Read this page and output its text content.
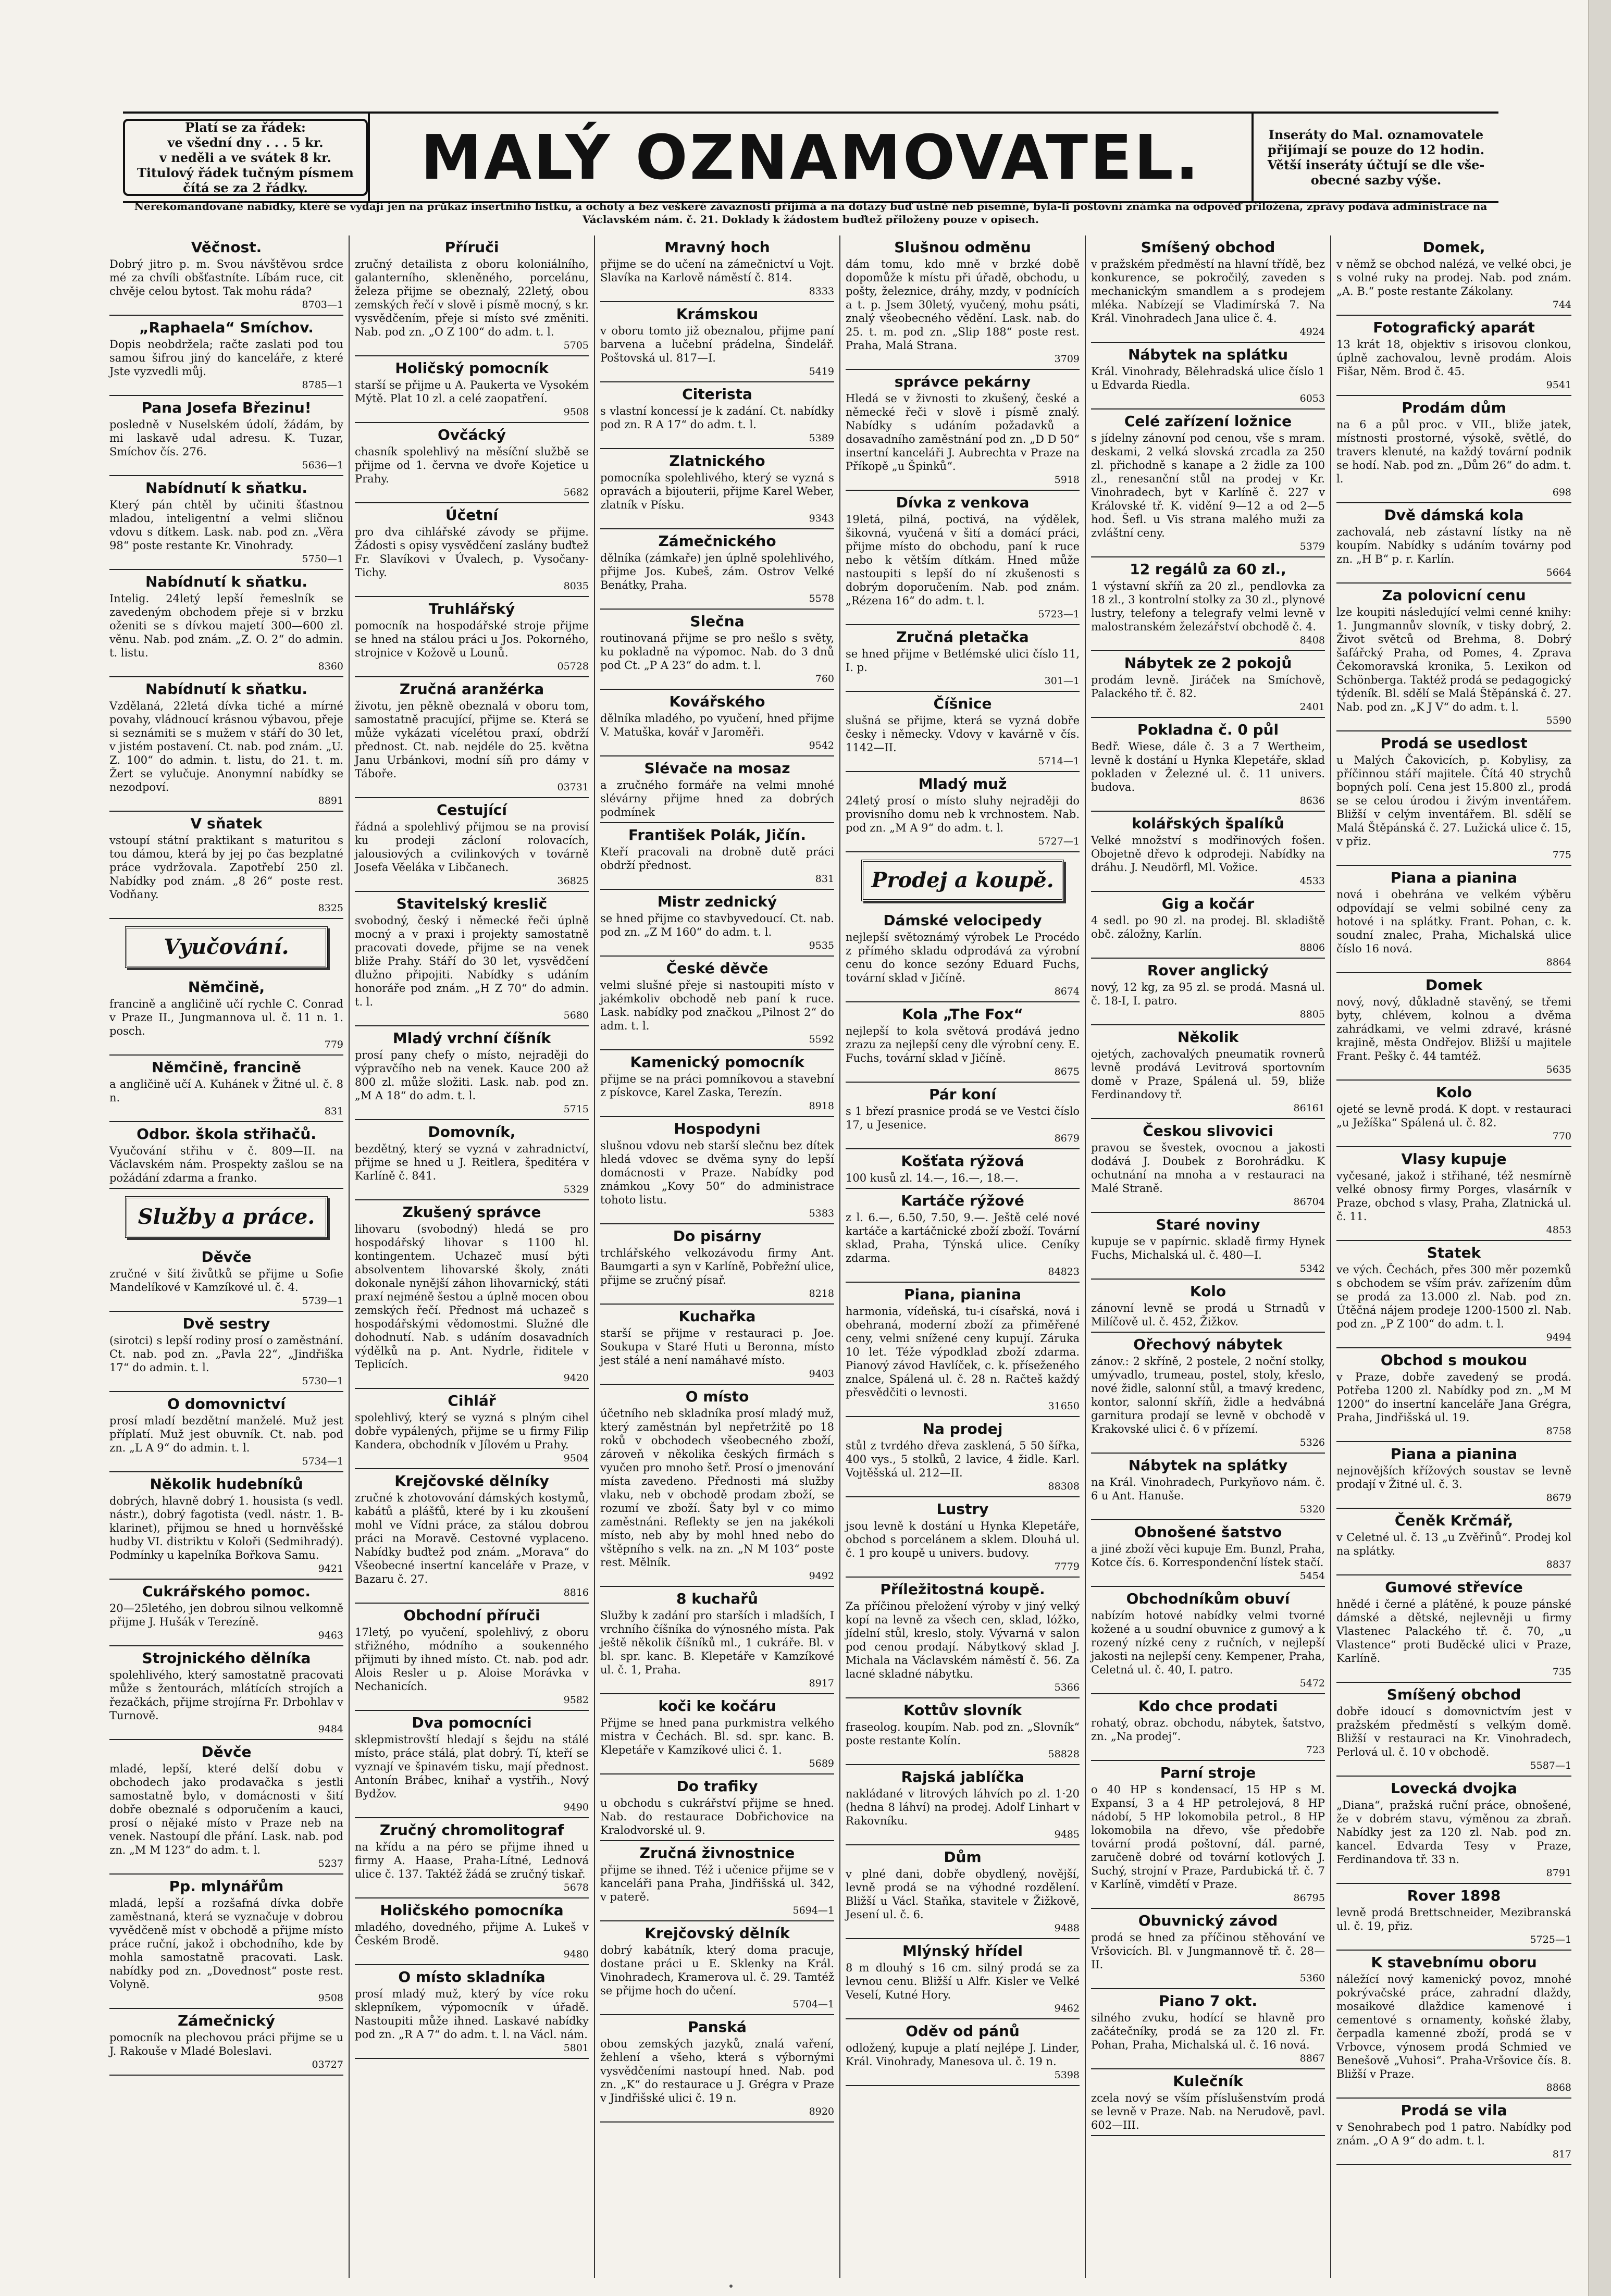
Platí se za řádek:
ve všední dny . . . 5 kr.
v neděli a ve svátek 8 kr.
Titulový řádek tučným písmem
čítá se za 2 řádky.	MALÝ OZNAMOVATEL.	Inseráty do Mal. oznamovatele
přijímají se pouze do 12 hodin.
Větší inseráty účtují se dle vše-
obecné sazby výše.
Nerekomandované nabídky, které se vydají jen na průkaz insertního lístku, a ochoty a bez veškeré závaznosti přijímá a na dotazy buď ústně neb písemně, byla-li poštovní známka na odpověď přiložena, zprávy podává administrace na Václavském nám. č. 21. Doklady k žádostem buďtež přiloženy pouze v opisech.
Věčnost.

Dobrý jitro p. m. Svou návštěvou srdce mé za chvíli obšťastníte. Líbám ruce, cit chvěje celou bytost. Tak mohu ráda?

8703—1
„Raphaela“ Smíchov.

Dopis neobdržela; račte zaslati pod tou samou šifrou jiný do kanceláře, z které Jste vyzvedli můj.

8785—1
Pana Josefa Březinu!

posledně v Nuselském údolí, žádám, by mi laskavě udal adresu. K. Tuzar, Smíchov čís. 276.

5636—1
Nabídnutí k sňatku.

Který pán chtěl by učiniti šťastnou mladou, inteligentní a velmi sličnou vdovu s dítkem. Lask. nab. pod zn. „Věra 98“ poste restante Kr. Vinohrady.

5750—1
Nabídnutí k sňatku.

Intelig. 24letý lepší řemeslník se zavedeným obchodem přeje si v brzku oženiti se s dívkou majetí 300—600 zl. věnu. Nab. pod znám. „Z. O. 2“ do admin. t. listu.

8360
Nabídnutí k sňatku.

Vzdělaná, 22letá dívka tiché a mírné povahy, vládnoucí krásnou výbavou, přeje si seznámiti se s mužem v stáří do 30 let, v jistém postavení. Ct. nab. pod znám. „U. Z. 100“ do admin. t. listu, do 21. t. m. Žert se vylučuje. Anonymní nabídky se nezodpoví.

8891
V sňatek

vstoupí státní praktikant s maturitou s tou dámou, která by jej po čas bezplatné práce vydržovala. Zapotřebí 250 zl. Nabídky pod znám. „8 26“ poste rest. Vodňany.

8325
Vyučování.
Němčině,

francině a angličině učí rychle C. Conrad v Praze II., Jungmannova ul. č. 11 n. 1. posch.

779
Němčině, francině

a angličině učí A. Kuhánek v Žitné ul. č. 8 n.

831
Odbor. škola střihačů.

Vyučování střihu v č. 809—II. na Václavském nám. Prospekty zašlou se na požádání zdarma a franko.

Služby a práce.
Děvče

zručné v šití živůtků se přijme u Sofie Mandelíkové v Kamzíkové ul. č. 4.

5739—1
Dvě sestry

(sirotci) s lepší rodiny prosí o zaměstnání. Ct. nab. pod zn. „Pavla 22“, „Jindřiška 17“ do admin. t. l.

5730—1
O domovnictví

prosí mladí bezdětní manželé. Muž jest příplatí. Muž jest obuvník. Ct. nab. pod zn. „L A 9“ do admin. t. l.

5734—1
Několik hudebníků

dobrých, hlavně dobrý 1. housista (s vedl. nástr.), dobrý fagotista (vedl. nástr. 1. B-klarinet), přijmou se hned u hornvěšské hudby VI. distriktu v Koloři (Sedmihradý). Podmínky u kapelníka Bořkova Samu.

9421
Cukrářského pomoc.

20—25letého, jen dobrou silnou velkomně přijme J. Hušák v Terezíně.

9463
Strojnického dělníka

spolehlivého, který samostatně pracovati může s žentourách, mlátících strojích a řezačkách, přijme strojírna Fr. Drbohlav v Turnově.

9484
Děvče

mladé, lepší, které delší dobu v obchodech jako prodavačka s jestli samostatně bylo, v domácnosti v šití dobře obeznalé s odporučením a kauci, prosí o nějaké místo v Praze neb na venek. Nastoupí dle přání. Lask. nab. pod zn. „M M 123“ do adm. t. l.

5237
Pp. mlynářům

mladá, lepší a rozšafná dívka dobře zaměstnaná, která se vyznačuje v dobrou vyvědčeně míst v obchodě a přijme místo práce ruční, jakož i obchodního, kde by mohla samostatně pracovati. Lask. nabídky pod zn. „Dovednost“ poste rest. Volyně.

9508
Zámečnický

pomocník na plechovou práci přijme se u J. Rakouše v Mladé Boleslavi.

03727
Příruči

zručný detailista z oboru koloniálního, galanterního, skleněného, porcelánu, železa přijme se obeznalý, 22letý, obou zemských řečí v slově i písmě mocný, s kr. vysvědčením, přeje si místo své změniti. Nab. pod zn. „O Z 100“ do adm. t. l.

5705
Holičský pomocník

starší se přijme u A. Paukerta ve Vysokém Mýtě. Plat 10 zl. a celé zaopatření.

9508
Ovčácký

chasník spolehlivý na měsíční službě se přijme od 1. června ve dvoře Kojetice u Prahy.

5682
Účetní

pro dva cihlářské závody se přijme. Žádosti s opisy vysvědčení zaslány buďtež Fr. Slavíkovi v Úvalech, p. Vysočany-Tichy.

8035
Truhlářský

pomocník na hospodářské stroje přijme se hned na stálou práci u Jos. Pokorného, strojnice v Kožově u Lounů.

05728
Zručná aranžérka

životu, jen pěkně obeznalá v oboru tom, samostatně pracující, přijme se. Která se může vykázati vícelétou praxí, obdrží přednost. Ct. nab. nejdéle do 25. května Janu Urbánkovi, modní síň pro dámy v Táboře.

03731
Cestující

řádná a spolehlivý přijmou se na provisí ku prodeji zácloní rolovacích, jalousiových a cvilinkových v továrně Josefa Věeláka v Libčanech.

36825
Stavitelský kreslič

svobodný, český i německé řeči úplně mocný a v praxi i projekty samostatně pracovati dovede, přijme se na venek bliže Prahy. Stáří do 30 let, vysvědčení dlužno připojiti. Nabídky s udáním honoráře pod znám. „H Z 70“ do admin. t. l.

5680
Mladý vrchní číšník

prosí pany chefy o místo, nejraději do výpravčího neb na venek. Kauce 200 až 800 zl. může složiti. Lask. nab. pod zn. „M A 18“ do adm. t. l.

5715
Domovník,

bezdětný, který se vyzná v zahradnictví, přijme se hned u J. Reitlera, špeditéra v Karlíně č. 841.

5329
Zkušený správce

lihovaru (svobodný) hledá se pro hospodářský lihovar s 1100 hl. kontingentem. Uchazeč musí býti absolventem lihovarské školy, znáti dokonale nynější záhon lihovarnický, státi praxí nejméně šestou a úplně mocen obou zemských řečí. Přednost má uchazeč s hospodářskými vědomostmi. Služné dle dohodnutí. Nab. s udáním dosavadních výdělků na p. Ant. Nydrle, řiditele v Teplicích.

9420
Cihlář

spolehlivý, který se vyzná s plným cihel dobře vypálených, přijme se u firmy Filip Kandera, obchodník v Jílovém u Prahy.

9504
Krejčovské dělníky

zručné k zhotovování dámských kostymů, kabátů a plášťů, které by i ku zkoušení mohl ve Vídni práce, za stálou dobrou práci na Moravě. Cestovné vyplaceno. Nabídky buďtež pod znám. „Morava“ do Všeobecné insertní kanceláře v Praze, v Bazaru č. 27.

8816
Obchodní příruči

17letý, po vyučení, spolehlivý, z oboru střižného, módního a soukenného přijmuti by ihned místo. Ct. nab. pod adr. Alois Resler u p. Aloise Morávka v Nechanicích.

9582
Dva pomocníci

sklepmistrovští hledají s šejdu na stálé místo, práce stálá, plat dobrý. Tí, kteří se vyznají ve špinavém tisku, mají přednost. Antonín Brábec, knihař a vystřih., Nový Bydžov.

9490
Zručný chromolitograf

na křídu a na péro se přijme ihned u firmy A. Haase, Praha-Lítné, Lednová ulice č. 137. Taktéž žádá se zručný tiskař.

5678
Holičského pomocníka

mladého, dovedného, přijme A. Lukeš v Českém Brodě.

9480
O místo skladníka

prosí mladý muž, který by více roku sklepníkem, výpomocník v úřadě. Nastoupiti může ihned. Laskavé nabídky pod zn. „R A 7“ do adm. t. l. na Václ. nám.

5801
Mravný hoch

přijme se do učení na zámečnictví u Vojt. Slavíka na Karlově náměstí č. 814.

8333
Krámskou

v oboru tomto již obeznalou, přijme paní barvena a lučební prádelna, Šindelář. Poštovská ul. 817—I.

5419
Citerista

s vlastní koncessí je k zadání. Ct. nabídky pod zn. R A 17“ do adm. t. l.

5389
Zlatnického

pomocníka spolehlivého, který se vyzná s opravách a bijouterii, přijme Karel Weber, zlatník v Písku.

9343
Zámečnického

dělníka (zámkaře) jen úplně spolehlivého, přijme Jos. Kubeš, zám. Ostrov Velké Benátky, Praha.

5578
Slečna

routinovaná přijme se pro nešlo s světy, ku pokladně na výpomoc. Nab. do 3 dnů pod Ct. „P A 23“ do adm. t. l.

760
Kovářského

dělníka mladého, po vyučení, hned přijme V. Matuška, kovář v Jaroměři.

9542
Slévače na mosaz

a zručného formáře na velmi mnohé slévárny přijme hned za dobrých podmínek

František Polák, Jičín.

Kteří pracovali na drobně dutě práci obdrží přednost.

831
Mistr zednický

se hned přijme co stavbyvedoucí. Ct. nab. pod zn. „Z M 160“ do adm. t. l.

9535
České děvče

velmi slušné přeje si nastoupiti místo v jakémkoliv obchodě neb paní k ruce. Lask. nabídky pod značkou „Pilnost 2“ do adm. t. l.

5592
Kamenický pomocník

přijme se na práci pomníkovou a stavební z pískovce, Karel Zaska, Terezín.

8918
Hospodyni

slušnou vdovu neb starší slečnu bez dítek hledá vdovec se dvěma syny do lepší domácnosti v Praze. Nabídky pod známkou „Kovy 50“ do administrace tohoto listu.

5383
Do pisárny

trchlářského velkozávodu firmy Ant. Baumgarti a syn v Karlíně, Pobřežní ulice, přijme se zručný písař.

8218
Kuchařka

starší se přijme v restauraci p. Joe. Soukupa v Staré Huti u Beronna, místo jest stálé a není namáhavé místo.

9403
O místo

účetního neb skladníka prosí mladý muž, který zaměstnán byl nepřetržitě po 18 roků v obchodech všeobecného zboží, zároveň v několika českých firmách s vyučen pro mnoho šetř. Prosí o jmenování místa zavedeno. Přednosti má služby vlaku, neb v obchodě prodam zboží, se rozumí ve zboží. Šaty byl v co mimo zaměstnáni. Reflekty se jen na jakékoli místo, neb aby by mohl hned nebo do vštěpního s velk. na zn. „N M 103“ poste rest. Mělník.

9492
8 kuchařů

Služby k zadání pro starších i mladších, I vrchního číšníka do výnosného místa. Pak ještě několik číšníků ml., 1 cukráře. Bl. v bl. spr. kanc. B. Klepetáře v Kamzíkové ul. č. 1, Praha.

8917
koči ke kočáru

Přijme se hned pana purkmistra velkého mistra v Čechách. Bl. sd. spr. kanc. B. Klepetáře v Kamzíkové ulici č. 1.

5689
Do trafiky

u obchodu s cukrářství přijme se hned. Nab. do restaurace Dobřichovice na Kralodvorské ul. 9.

Zručná živnostnice

přijme se ihned. Též i učenice přijme se v kanceláři pana Praha, Jindřišská ul. 342, v paterě.

5694—1
Krejčovský dělník

dobrý kabátník, který doma pracuje, dostane práci u E. Sklenky na Král. Vinohradech, Kramerova ul. č. 29. Tamtéž se přijme hoch do učení.

5704—1
Panská

obou zemských jazyků, znalá vaření, žehlení a všeho, která s výbornými vysvědčeními nastoupí hned. Nab. pod zn. „K“ do restaurace u J. Grégra v Praze v Jindřišské ulici č. 19 n.

8920
Slušnou odměnu

dám tomu, kdo mně v brzké době dopomůže k místu při úřadě, obchodu, u pošty, železnice, dráhy, mzdy, v podnících a t. p. Jsem 30letý, vyučený, mohu psáti, znalý všeobecného vědění. Lask. nab. do 25. t. m. pod zn. „Slip 188“ poste rest. Praha, Malá Strana.

3709
správce pekárny

Hledá se v živnosti to zkušený, české a německé řeči v slově i písmě znalý. Nabídky s udáním požadavků a dosavadního zaměstnání pod zn. „D D 50“ insertní kanceláři J. Aubrechta v Praze na Příkopě „u Špinků“.

5918
Dívka z venkova

19letá, pilná, poctivá, na výdělek, šikovná, vyučená v šití a domácí práci, přijme místo do obchodu, paní k ruce nebo k větším dítkám. Hned může nastoupiti s lepší do ní zkušenosti s dobrým doporučením. Nab. pod znám. „Rézena 16“ do adm. t. l.

5723—1
Zručná pletačka

se hned přijme v Betlémské ulici číslo 11, I. p.

301—1
Číšnice

slušná se přijme, která se vyzná dobře česky i německy. Vdovy v kavárně v čís. 1142—II.

5714—1
Mladý muž

24letý prosí o místo sluhy nejraději do provisního domu neb k vrchnostem. Nab. pod zn. „M A 9“ do adm. t. l.

5727—1
Prodej a koupě.
Dámské velocipedy

nejlepší světoznámý výrobek Le Procédo z přímého skladu odprodává za výrobní cenu do konce sezóny Eduard Fuchs, tovární sklad v Jičíně.

8674
Kola „The Fox“

nejlepší to kola světová prodává jedno zrazu za nejlepší ceny dle výrobní ceny. E. Fuchs, tovární sklad v Jičíně.

8675
Pár koní

s 1 březí prasnice prodá se ve Vestci číslo 17, u Jesenice.

8679
Košťata rýžová

100 kusů zl. 14.—, 16.—, 18.—.

Kartáče rýžové

z l. 6.—, 6.50, 7.50, 9.—. Ještě celé nové kartáče a kartáčnické zboží zboží. Tovární sklad, Praha, Týnská ulice. Ceníky zdarma.

84823
Piana, pianina

harmonia, vídeňská, tu-i císařská, nová i obehraná, moderní zboží za přiměřené ceny, velmi snížené ceny kupují. Záruka 10 let. Téže výpodklad zboží zdarma. Pianový závod Havlíček, c. k. příseženého znalce, Spálená ul. č. 28 n. Račteš každý přesvědčiti o levnosti.

31650
Na prodej

stůl z tvrdého dřeva zasklená, 5 50 šířka, 400 vys., 5 stolků, 2 lavice, 4 židle. Karl. Vojtěšská ul. 212—II.

88308
Lustry

jsou levně k dostání u Hynka Klepetáře, obchod s porcelánem a sklem. Dlouhá ul. č. 1 pro koupě u univers. budovy.

7779
Příležitostná koupě.

Za příčinou přeložení výroby v jiný velký kopí na levně za všech cen, sklad, lóžko, jídelní stůl, kreslo, stoly. Vývarná v salon pod cenou prodají. Nábytkový sklad J. Michala na Václavském náměstí č. 56. Za lacné skladné nábytku.

5366
Kottův slovník

fraseolog. koupím. Nab. pod zn. „Slovník“ poste restante Kolín.

58828
Rajská jablíčka

nakládané v litrových láhvích po zl. 1·20 (hedna 8 láhví) na prodej. Adolf Linhart v Rakovníku.

9485
Dům

v plné dani, dobře obydlený, novější, levně prodá se na výhodné rozdělení. Bližší u Václ. Staňka, stavitele v Žižkově, Jesení ul. č. 6.

9488
Mlýnský hřídel

8 m dlouhý s 16 cm. silný prodá se za levnou cenu. Bližší u Alfr. Kisler ve Velké Veselí, Kutné Hory.

9462
Oděv od pánů

odložený, kupuje a platí nejlépe J. Linder, Král. Vinohrady, Manesova ul. č. 19 n.

5398
Smíšený obchod

v pražském předměstí na hlavní třídě, bez konkurence, se pokročilý, zaveden s mechanickým smandlem a s prodejem mléka. Nabízejí se Vladimírská 7. Na Král. Vinohradech Jana ulice č. 4.

4924
Nábytek na splátku

Král. Vinohrady, Bělehradská ulice číslo 1 u Edvarda Riedla.

6053
Celé zařízení ložnice

s jídelny zánovní pod cenou, vše s mram. deskami, 2 velká slovská zrcadla za 250 zl. přichodně s kanape a 2 židle za 100 zl., renesanční stůl na prodej v Kr. Vinohradech, byt v Karlíně č. 227 v Královské tř. K. vidění 9—12 a od 2—5 hod. Šefl. u Vis strana malého muži za zvláštní ceny.

5379
12 regálů za 60 zl.,

1 výstavní skříň za 20 zl., pendlovka za 18 zl., 3 kontrolní stolky za 30 zl., plynové lustry, telefony a telegrafy velmi levně v malostranském železářství obchodě č. 4.

8408
Nábytek ze 2 pokojů

prodám levně. Jiráček na Smíchově, Palackého tř. č. 82.

2401
Pokladna č. 0 půl

Bedř. Wiese, dále č. 3 a 7 Wertheim, levně k dostání u Hynka Klepetáře, sklad pokladen v Železné ul. č. 11 univers. budova.

8636
kolářských špalíků

Velké množství s modřinových fošen. Obojetně dřevo k odprodeji. Nabídky na dráhu. J. Neudörfl, Ml. Vožice.

4533
Gig a kočár

4 sedl. po 90 zl. na prodej. Bl. skladiště obč. záložny, Karlín.

8806
Rover anglický

nový, 12 kg, za 95 zl. se prodá. Masná ul. č. 18-I, I. patro.

8805
Několik

ojetých, zachovalých pneumatik rovnerů levně prodává Levitrová sportovním domě v Praze, Spálená ul. 59, bliže Ferdinandovy tř.

86161
Českou slivovici

pravou se švestek, ovocnou a jakosti dodává J. Doubek z Borohrádku. K ochutnání na mnoha a v restauraci na Malé Straně.

86704
Staré noviny

kupuje se v papírnic. skladě firmy Hynek Fuchs, Michalská ul. č. 480—I.

5342
Kolo

zánovní levně se prodá u Strnadů v Milíčově ul. č. 452, Žižkov.

Ořechový nábytek

zánov.: 2 skříně, 2 postele, 2 noční stolky, umývadlo, trumeau, postel, stoly, křeslo, nové židle, salonní stůl, a tmavý kredenc, kontor, salonní skříň, židle a hedvábná garnitura prodají se levně v obchodě v Krakovské ulici č. 6 v přízemí.

5326
Nábytek na splátky

na Král. Vinohradech, Purkyňovo nám. č. 6 u Ant. Hanuše.

5320
Obnošené šatstvo

a jiné zboží věci kupuje Em. Bunzl, Praha, Kotce čís. 6. Korrespondenční lístek stačí.

5454
Obchodníkům obuví

nabízím hotové nabídky velmi tvorné kožené a u soudní obuvnice z gumový a k rozený nízké ceny z ručních, v nejlepší jakosti na nejlepší ceny. Kempener, Praha, Celetná ul. č. 40, I. patro.

5472
Kdo chce prodati

rohatý, obraz. obchodu, nábytek, šatstvo, zn. „Na prodej“.

723
Parní stroje

o 40 HP s kondensací, 15 HP s M. Expansí, 3 a 4 HP petrolejová, 8 HP nádobí, 5 HP lokomobila petrol., 8 HP lokomobila na dřevo, vše předobře tovární prodá poštovní, dál. parné, zaručeně dobré od tovární kotlových J. Suchý, strojní v Praze, Pardubická tř. č. 7 v Karlíně, vimdětí v Praze.

86795
Obuvnický závod

prodá se hned za příčinou stěhování ve Vršovicích. Bl. v Jungmannově tř. č. 28—II.

5360
Piano 7 okt.

silného zvuku, hodící se hlavně pro začátečníky, prodá se za 120 zl. Fr. Pohan, Praha, Michalská ul. č. 16 nová.

8867
Kulečník

zcela nový se vším příslušenstvím prodá se levně v Praze. Nab. na Nerudově, pavl. 602—III.

Domek,

v němž se obchod nalézá, ve velké obci, je s volné ruky na prodej. Nab. pod znám. „A. B.“ poste restante Zákolany.

744
Fotografický aparát

13 krát 18, objektiv s irisovou clonkou, úplně zachovalou, levně prodám. Alois Fišar, Něm. Brod č. 45.

9541
Prodám dům

na 6 a půl proc. v VII., bliže jatek, místnosti prostorné, výsokě, světlé, do travers klenuté, na každý tovární podnik se hodí. Nab. pod zn. „Dům 26“ do adm. t. l.

698
Dvě dámská kola

zachovalá, neb zástavní lístky na ně koupím. Nabídky s udáním továrny pod zn. „H B“ p. r. Karlín.

5664
Za polovicní cenu

lze koupiti následující velmi cenné knihy: 1. Jungmannův slovník, v tisky dobrý, 2. Život světců od Brehma, 8. Dobrý šafářcký Praha, od Pomes, 4. Zprava Čekomoravská kronika, 5. Lexikon od Schönberga. Taktéž prodá se pedagogický týdeník. Bl. sdělí se Malá Štěpánská č. 27. Nab. pod zn. „K J V“ do adm. t. l.

5590
Prodá se usedlost

u Malých Čakovicích, p. Kobylisy, za příčinnou stáří majitele. Čítá 40 strychů bopných polí. Cena jest 15.800 zl., prodá se se celou úrodou i živým inventářem. Bližší v celým inventářem. Bl. sdělí se Malá Štěpánská č. 27. Lužická ulice č. 15, v přiz.

775
Piana a pianina

nová i obehrána ve velkém výběru odpovídají se velmi sobilné ceny za hotové i na splátky. Frant. Pohan, c. k. soudní znalec, Praha, Michalská ulice číslo 16 nová.

8864
Domek

nový, nový, důkladně stavěný, se třemi byty, chlévem, kolnou a dvěma zahrádkami, ve velmi zdravé, krásné krajině, města Ondřejov. Bližší u majitele Frant. Pešky č. 44 tamtéž.

5635
Kolo

ojeté se levně prodá. K dopt. v restauraci „u Ježíška“ Spálená ul. č. 82.

770
Vlasy kupuje

vyčesané, jakož i střihané, též nesmírně velké obnosy firmy Porges, vlasárník v Praze, obchod s vlasy, Praha, Zlatnická ul. č. 11.

4853
Statek

ve vých. Čechách, přes 300 měr pozemků s obchodem se vším práv. zařízením dům se prodá za 13.000 zl. Nab. pod zn. Útěčná nájem prodeje 1200-1500 zl. Nab. pod zn. „P Z 100“ do adm. t. l.

9494
Obchod s moukou

v Praze, dobře zavedený se prodá. Potřeba 1200 zl. Nabídky pod zn. „M M 1200“ do insertní kanceláře Jana Grégra, Praha, Jindřišská ul. 19.

8758
Piana a pianina

nejnovějších křížových soustav se levně prodají v Žitné ul. č. 3.

8679
Čeněk Krčmář,

v Celetné ul. č. 13 „u Zvěřinů“. Prodej kol na splátky.

8837
Gumové střevíce

hnědé i černé a plátěné, k pouze pánské dámské a dětské, nejlevněji u firmy Vlastenec Palackého tř. č. 70, „u Vlastence“ proti Buděcké ulici v Praze, Karlíně.

735
Smíšený obchod

dobře idoucí s domovnictvím jest v pražském předměstí s velkým domě. Bližší v restauraci na Kr. Vinohradech, Perlová ul. č. 10 v obchodě.

5587—1
Lovecká dvojka

„Diana“, pražská ruční práce, obnošené, že v dobrém stavu, výměnou za zbraň. Nabídky jest za 120 zl. Nab. pod zn. kancel. Edvarda Tesy v Praze, Ferdinandova tř. 33 n.

8791
Rover 1898

levně prodá Brettschneider, Mezibranská ul. č. 19, přiz.

5725—1
K stavebnímu oboru

náležící nový kamenický povoz, mnohé pokrývačské práce, zahradní dlaždy, mosaikové dlaždice kamenové i cementové s ornamenty, koňské žlaby, čerpadla kamenné zboží, prodá se v Vrbovce, výnosem prodá Schmied ve Benešově „Vuhosi“. Praha-Vršovice čís. 8. Bližší v Praze.

8868
Prodá se vila

v Senohrabech pod 1 patro. Nabídky pod znám. „O A 9“ do adm. t. l.

817
